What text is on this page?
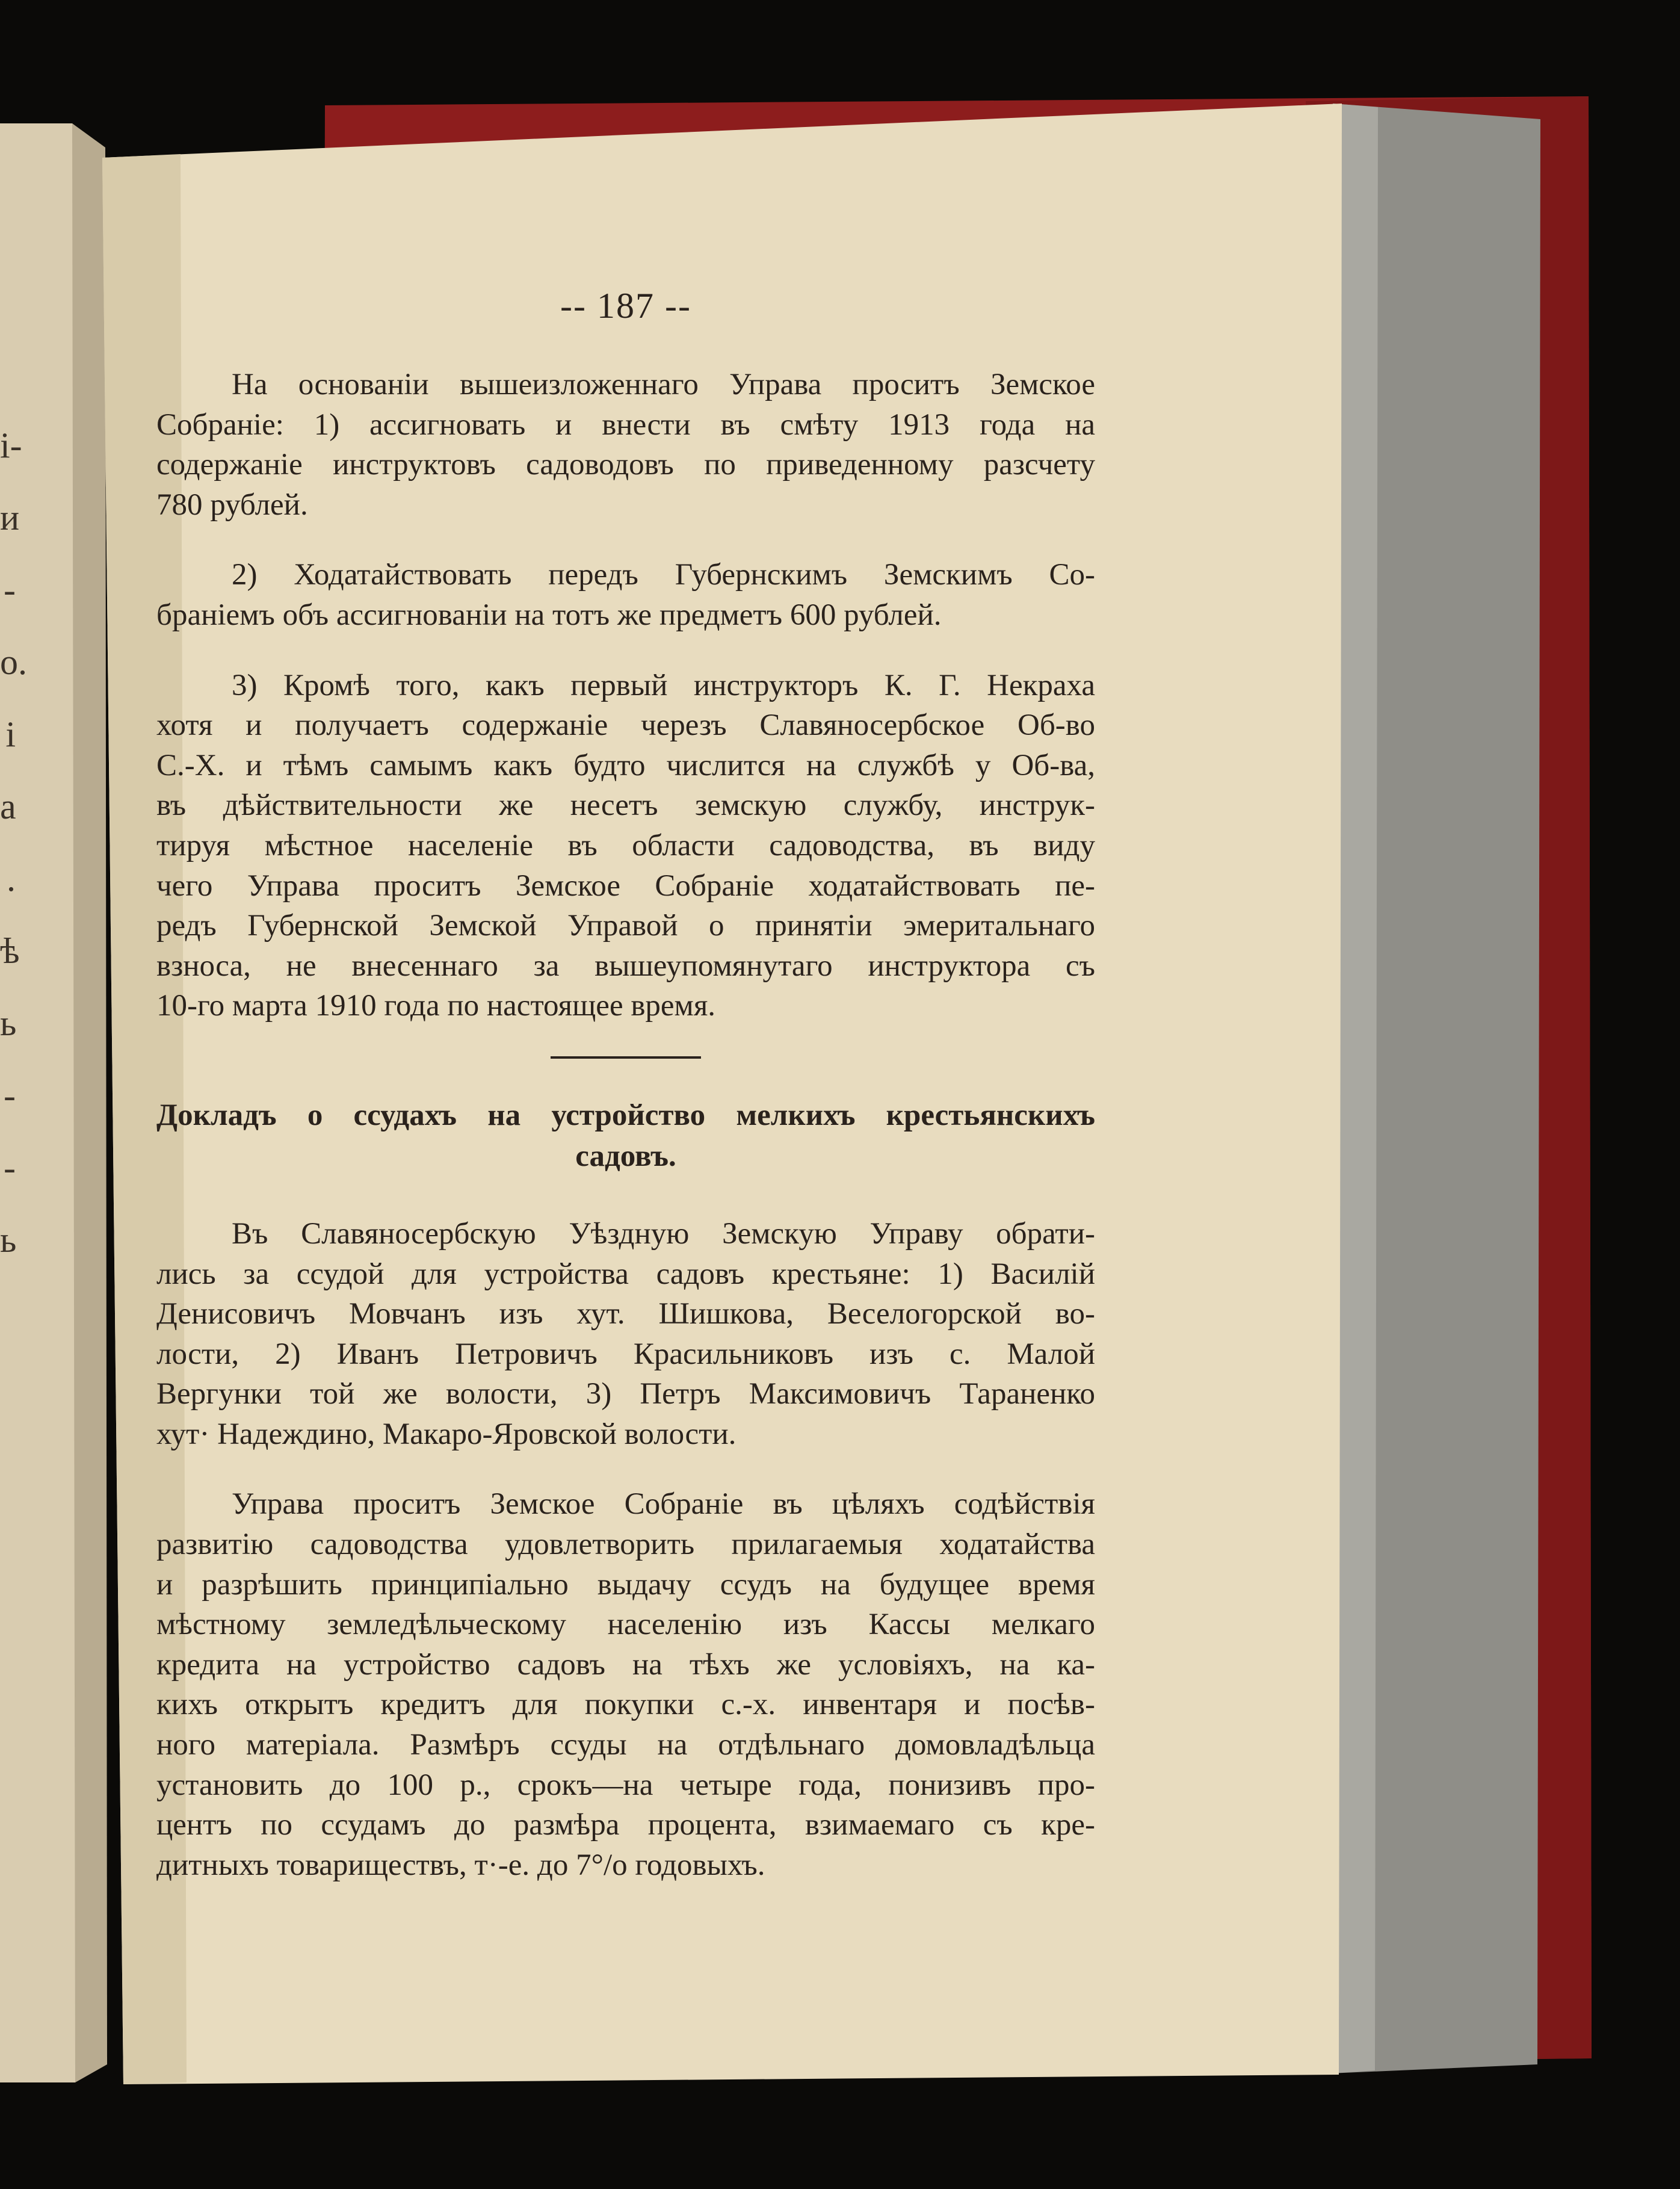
і-
и
-
о.
і
а
.
ѣ
ь
-
-
ь
-- 187 --
На основаніи вышеизложеннаго Управа проситъ Земское
Собраніе: 1) ассигновать и внести въ смѣту 1913 года на
содержаніе инструктовъ садоводовъ по приведенному разсчету
780 рублей.
2) Ходатайствовать передъ Губернскимъ Земскимъ Со-
браніемъ объ ассигнованіи на тотъ же предметъ 600 рублей.
3) Кромѣ того, какъ первый инструкторъ К. Г. Некраха
хотя и получаетъ содержаніе черезъ Славяносербское Об-во
С.-Х. и тѣмъ самымъ какъ будто числится на службѣ у Об-ва,
въ дѣйствительности же несетъ земскую службу, инструк-
тируя мѣстное населеніе въ области садоводства, въ виду
чего Управа проситъ Земское Собраніе ходатайствовать пе-
редъ Губернской Земской Управой о принятіи эмеритальнаго
взноса, не внесеннаго за вышеупомянутаго инструктора съ
10-го марта 1910 года по настоящее время.
Докладъ о ссудахъ на устройство мелкихъ крестьянскихъ
садовъ.
Въ Славяносербскую Уѣздную Земскую Управу обрати-
лись за ссудой для устройства садовъ крестьяне: 1) Василій
Денисовичъ Мовчанъ изъ хут. Шишкова, Веселогорской во-
лости, 2) Иванъ Петровичъ Красильниковъ изъ с. Малой
Вергунки той же волости, 3) Петръ Максимовичъ Тараненко
хут· Надеждино, Макаро-Яровской волости.
Управа проситъ Земское Собраніе въ цѣляхъ содѣйствія
развитію садоводства удовлетворить прилагаемыя ходатайства
и разрѣшить принципіально выдачу ссудъ на будущее время
мѣстному земледѣльческому населенію изъ Кассы мелкаго
кредита на устройство садовъ на тѣхъ же условіяхъ, на ка-
кихъ открытъ кредитъ для покупки с.-х. инвентаря и посѣв-
ного матеріала. Размѣръ ссуды на отдѣльнаго домовладѣльца
установить до 100 р., срокъ—на четыре года, понизивъ про-
центъ по ссудамъ до размѣра процента, взимаемаго съ кре-
дитныхъ товариществъ, т·-е. до 7°/о годовыхъ.
